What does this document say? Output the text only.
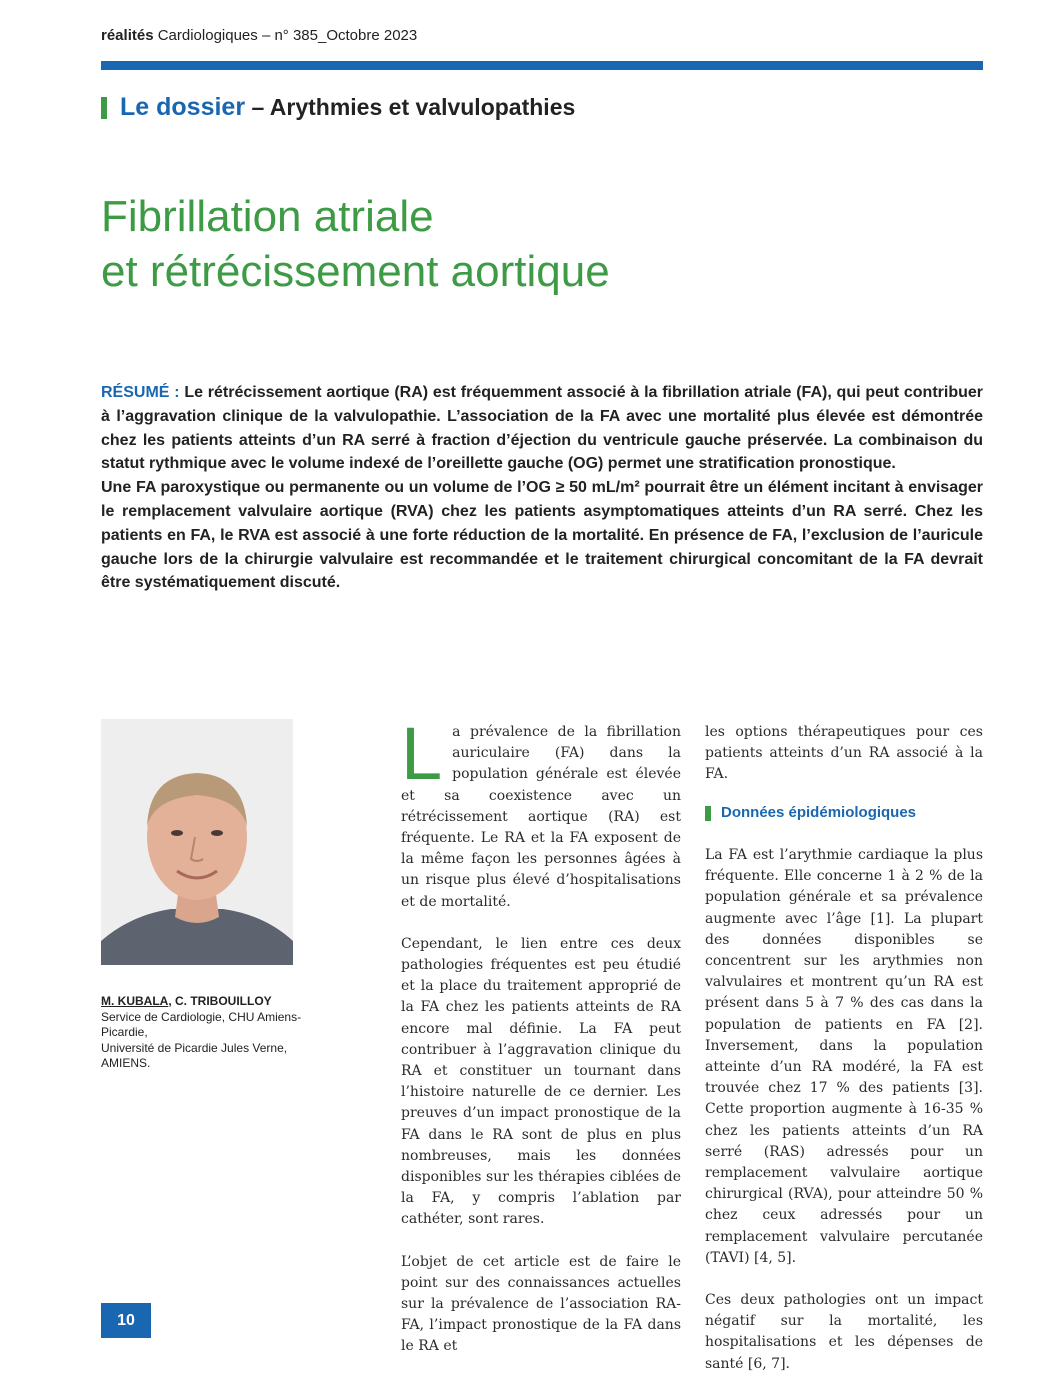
réalités Cardiologiques – n° 385_Octobre 2023
Le dossier – Arythmies et valvulopathies
Fibrillation atriale
et rétrécissement aortique

RÉSUMÉ : Le rétrécissement aortique (RA) est fréquemment associé à la fibrillation atriale (FA), qui peut contribuer à l’aggravation clinique de la valvulopathie. L’association de la FA avec une mortalité plus élevée est démontrée chez les patients atteints d’un RA serré à fraction d’éjection du ventricule gauche préservée. La combinaison du statut rythmique avec le volume indexé de l’oreillette gauche (OG) permet une stratification pronostique.

Une FA paroxystique ou permanente ou un volume de l’OG ≥ 50 mL/m² pourrait être un élément incitant à envisager le remplacement valvulaire aortique (RVA) chez les patients asymptomatiques atteints d’un RA serré. Chez les patients en FA, le RVA est associé à une forte réduction de la mortalité. En présence de FA, l’exclusion de l’auricule gauche lors de la chirurgie valvulaire est recommandée et le traitement chirurgical concomitant de la FA devrait être systématiquement discuté.

M. KUBALA, C. TRIBOUILLOY
Service de Cardiologie, CHU Amiens-
Picardie,
Université de Picardie Jules Verne,
AMIENS.
L a prévalence de la fibrillation auriculaire (FA) dans la population générale est élevée et sa coexistence avec un rétrécissement aortique (RA) est fréquente. Le RA et la FA exposent de la même façon les personnes âgées à un risque plus élevé d’hospitalisations et de mortalité.

Cependant, le lien entre ces deux pathologies fréquentes est peu étudié et la place du traitement approprié de la FA chez les patients atteints de RA encore mal définie. La FA peut contribuer à l’aggravation clinique du RA et constituer un tournant dans l’histoire naturelle de ce dernier. Les preuves d’un impact pronostique de la FA dans le RA sont de plus en plus nombreuses, mais les données disponibles sur les thérapies ciblées de la FA, y compris l’ablation par cathéter, sont rares.

L’objet de cet article est de faire le point sur des connaissances actuelles sur la prévalence de l’association RA-FA, l’impact pronostique de la FA dans le RA et

les options thérapeutiques pour ces patients atteints d’un RA associé à la FA.

Données épidémiologiques

La FA est l’arythmie cardiaque la plus fréquente. Elle concerne 1 à 2 % de la population générale et sa prévalence augmente avec l’âge [1]. La plupart des données disponibles se concentrent sur les arythmies non valvulaires et montrent qu’un RA est présent dans 5 à 7 % des cas dans la population de patients en FA [2]. Inversement, dans la population atteinte d’un RA modéré, la FA est trouvée chez 17 % des patients [3]. Cette proportion augmente à 16-35 % chez les patients atteints d’un RA serré (RAS) adressés pour un remplacement valvulaire aortique chirurgical (RVA), pour atteindre 50 % chez ceux adressés pour un remplacement valvulaire percutanée (TAVI) [4, 5].

Ces deux pathologies ont un impact négatif sur la mortalité, les hospitalisations et les dépenses de santé [6, 7].

10
